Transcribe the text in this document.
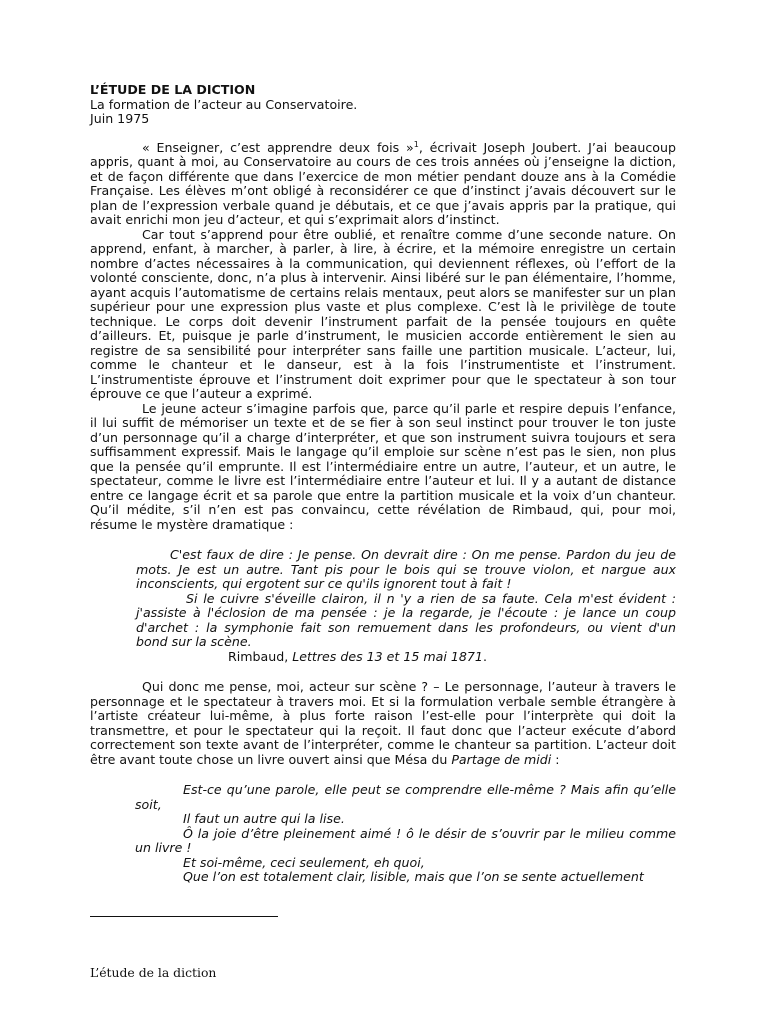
L’ÉTUDE DE LA DICTION

La formation de l’acteur au Conservatoire.

Juin 1975

« Enseigner, c’est apprendre deux fois »$^1$, écrivait Joseph Joubert. J’ai beaucoup appris, quant à moi, au Conservatoire au cours de ces trois années où j’enseigne la diction, et de façon différente que dans l’exercice de mon métier pendant douze ans à la Comédie Française. Les élèves m’ont obligé à reconsidérer ce que d’instinct j’avais découvert sur le plan de l’expression verbale quand je débutais, et ce que j’avais appris par la pratique, qui avait enrichi mon jeu d’acteur, et qui s’exprimait alors d’instinct.

Car tout s’apprend pour être oublié, et renaître comme d’une seconde nature. On apprend, enfant, à marcher, à parler, à lire, à écrire, et la mémoire enregistre un certain nombre d’actes nécessaires à la communication, qui deviennent réflexes, où l’effort de la volonté consciente, donc, n’a plus à intervenir. Ainsi libéré sur le pan élémentaire, l’homme, ayant acquis l’automatisme de certains relais mentaux, peut alors se manifester sur un plan supérieur pour une expression plus vaste et plus complexe. C’est là le privilège de toute technique. Le corps doit devenir l’instrument parfait de la pensée toujours en quête d’ailleurs. Et, puisque je parle d’instrument, le musicien accorde entièrement le sien au registre de sa sensibilité pour interpréter sans faille une partition musicale. L’acteur, lui, comme le chanteur et le danseur, est à la fois l’instrumentiste et l’instrument. L’instrumentiste éprouve et l’instrument doit exprimer pour que le spectateur à son tour éprouve ce que l’auteur a exprimé.

Le jeune acteur s’imagine parfois que, parce qu’il parle et respire depuis l’enfance, il lui suffit de mémoriser un texte et de se fier à son seul instinct pour trouver le ton juste d’un personnage qu’il a charge d’interpréter, et que son instrument suivra toujours et sera suffisamment expressif. Mais le langage qu’il emploie sur scène n’est pas le sien, non plus que la pensée qu’il emprunte. Il est l’intermédiaire entre un autre, l’auteur, et un autre, le spectateur, comme le livre est l’intermédiaire entre l’auteur et lui. Il y a autant de distance entre ce langage écrit et sa parole que entre la partition musicale et la voix d’un chanteur. Qu’il médite, s’il n’en est pas convaincu, cette révélation de Rimbaud, qui, pour moi, résume le mystère dramatique :

C'est faux de dire : Je pense. On devrait dire : On me pense. Pardon du jeu de mots. Je est un autre. Tant pis pour le bois qui se trouve violon, et nargue aux inconscients, qui ergotent sur ce qu'ils ignorent tout à fait !
Si le cuivre s'éveille clairon, il n 'y a rien de sa faute. Cela m'est évident : j'assiste à l'éclosion de ma pensée : je la regarde, je l'écoute : je lance un coup d'archet : la symphonie fait son remuement dans les profondeurs, ou vient d'un bond sur la scène.
Rimbaud, Lettres des 13 et 15 mai 1871.

Qui donc me pense, moi, acteur sur scène ? – Le personnage, l’auteur à travers le personnage et le spectateur à travers moi. Et si la formulation verbale semble étrangère à l’artiste créateur lui-même, à plus forte raison l’est-elle pour l’interprète qui doit la transmettre, et pour le spectateur qui la reçoit. Il faut donc que l’acteur exécute d’abord correctement son texte avant de l’interpréter, comme le chanteur sa partition. L’acteur doit être avant toute chose un livre ouvert ainsi que Mésa du Partage de midi :

Est-ce qu’une parole, elle peut se comprendre elle-même ? Mais afin qu’elle soit,
Il faut un autre qui la lise.
Ô la joie d’être pleinement aimé ! ô le désir de s’ouvrir par le milieu comme un livre !
Et soi-même, ceci seulement, eh quoi,
Que l’on est totalement clair, lisible, mais que l’on se sente actuellement
L’étude de la diction
